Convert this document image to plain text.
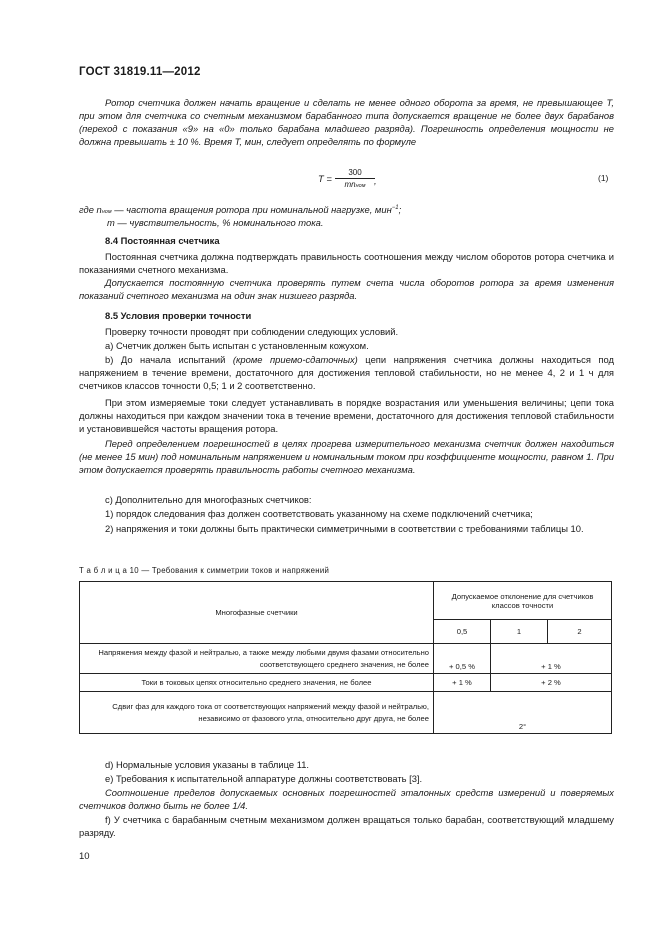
ГОСТ 31819.11—2012
Ротор счетчика должен начать вращение и сделать не менее одного оборота за время, не превышающее T, при этом для счетчика со счетным механизмом барабанного типа допускается вращение не более двух барабанов (переход с показания «9» на «0» только барабана младшего разряда). Погрешность определения мощности не должна превышать ± 10 %. Время T, мин, следует определять по формуле
T =
300
mnном ,	(1)
где nном — частота вращения ротора при номинальной нагрузке, мин$^{-1}$;
m — чувствительность, % номинального тока.
8.4 Постоянная счетчика
Постоянная счетчика должна подтверждать правильность соотношения между числом оборотов ротора счетчика и показаниями счетного механизма.
Допускается постоянную счетчика проверять путем счета числа оборотов ротора за время изменения показаний счетного механизма на один знак низшего разряда.
8.5 Условия проверки точности
Проверку точности проводят при соблюдении следующих условий.
a) Счетчик должен быть испытан с установленным кожухом.
b) До начала испытаний (кроме приемо-сдаточных) цепи напряжения счетчика должны находиться под напряжением в течение времени, достаточного для достижения тепловой стабильности, но не менее 4, 2 и 1 ч для счетчиков классов точности 0,5; 1 и 2 соответственно.
При этом измеряемые токи следует устанавливать в порядке возрастания или уменьшения величины; цепи тока должны находиться при каждом значении тока в течение времени, достаточного для достижения тепловой стабильности и установившейся частоты вращения ротора.
Перед определением погрешностей в целях прогрева измерительного механизма счетчик должен находиться (не менее 15 мин) под номинальным напряжением и номинальным током при коэффициенте мощности, равном 1. При этом допускается проверять правильность работы счетного механизма.
c) Дополнительно для многофазных счетчиков:
1) порядок следования фаз должен соответствовать указанному на схеме подключений счетчика;
2) напряжения и токи должны быть практически симметричными в соответствии с требованиями таблицы 10.
Т а б л и ц а 10 — Требования к симметрии токов и напряжений
Многофазные счетчики	Допускаемое отклонение для счетчиков классов точности		
	0,5	1	2
Напряжения между фазой и нейтралью, а также между любыми двумя фазами относительно соответствующего среднего значения, не более	+ 0,5 %	+ 1 %	
Токи в токовых цепях относительно среднего значения, не более	+ 1 %	+ 2 %	
Сдвиг фаз для каждого тока от соответствующих напряжений между фазой и нейтралью, независимо от фазового угла, относительно друг друга, не более	2°		
d) Нормальные условия указаны в таблице 11.
e) Требования к испытательной аппаратуре должны соответствовать [3].
Соотношение пределов допускаемых основных погрешностей эталонных средств измерений и поверяемых счетчиков должно быть не более 1/4.
f) У счетчика с барабанным счетным механизмом должен вращаться только барабан, соответствующий младшему разряду.
10
